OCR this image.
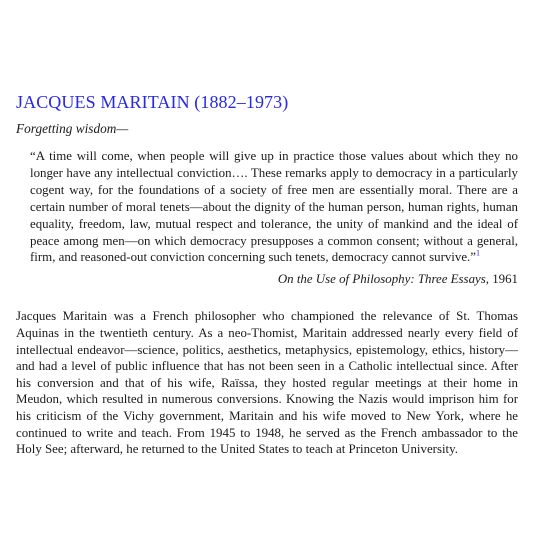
JACQUES MARITAIN (1882–1973)
Forgetting wisdom—

“A time will come, when people will give up in practice those values about which they no longer have any intellectual conviction…. These remarks apply to democracy in a particularly cogent way, for the foundations of a society of free men are essentially moral. There are a certain number of moral tenets—about the dignity of the human person, human rights, human equality, freedom, law, mutual respect and tolerance, the unity of mankind and the ideal of peace among men—on which democracy presupposes a common consent; without a general, firm, and reasoned-out conviction concerning such tenets, democracy cannot survive.”$^1$

On the Use of Philosophy: Three Essays, 1961

Jacques Maritain was a French philosopher who championed the relevance of St. Thomas Aquinas in the twentieth century. As a neo-Thomist, Maritain addressed nearly every field of intellectual endeavor—science, politics, aesthetics, metaphysics, epistemology, ethics, history—and had a level of public influence that has not been seen in a Catholic intellectual since. After his conversion and that of his wife, Raïssa, they hosted regular meetings at their home in Meudon, which resulted in numerous conversions. Knowing the Nazis would imprison him for his criticism of the Vichy government, Maritain and his wife moved to New York, where he continued to write and teach. From 1945 to 1948, he served as the French ambassador to the Holy See; afterward, he returned to the United States to teach at Princeton University.
